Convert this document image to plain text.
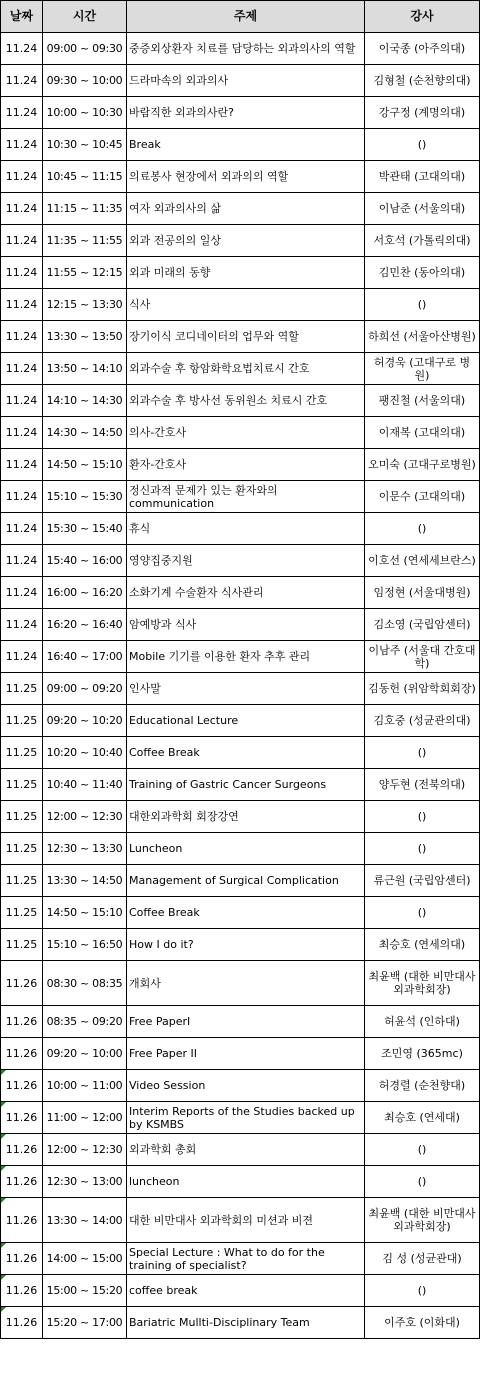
날짜	시간	주제	강사
11.24	09:00 ~ 09:30	중증외상환자 치료를 담당하는 외과의사의 역할	이국종 (아주의대)
11.24	09:30 ~ 10:00	드라마속의 외과의사	김형철 (순천향의대)
11.24	10:00 ~ 10:30	바람직한 외과의사란?	강구정 (계명의대)
11.24	10:30 ~ 10:45	Break	()
11.24	10:45 ~ 11:15	의료봉사 현장에서 외과의의 역할	박관태 (고대의대)
11.24	11:15 ~ 11:35	여자 외과의사의 삶	이남준 (서울의대)
11.24	11:35 ~ 11:55	외과 전공의의 일상	서호석 (가톨릭의대)
11.24	11:55 ~ 12:15	외과 미래의 동향	김민찬 (동아의대)
11.24	12:15 ~ 13:30	식사	()
11.24	13:30 ~ 13:50	장기이식 코디네이터의 업무와 역할	하희선 (서울아산병원)
11.24	13:50 ~ 14:10	외과수술 후 항암화학요법치료시 간호	허경욱 (고대구로 병원)
11.24	14:10 ~ 14:30	외과수술 후 방사선 동위원소 치료시 간호	팽진철 (서울의대)
11.24	14:30 ~ 14:50	의사-간호사	이재복 (고대의대)
11.24	14:50 ~ 15:10	환자-간호사	오미숙 (고대구로병원)
11.24	15:10 ~ 15:30	정신과적 문제가 있는 환자와의 communication	이문수 (고대의대)
11.24	15:30 ~ 15:40	휴식	()
11.24	15:40 ~ 16:00	영양집중지원	이호선 (연세세브란스)
11.24	16:00 ~ 16:20	소화기계 수술환자 식사관리	임정현 (서울대병원)
11.24	16:20 ~ 16:40	암예방과 식사	김소영 (국립암센터)
11.24	16:40 ~ 17:00	Mobile 기기를 이용한 환자 추후 관리	이남주 (서울대 간호대학)
11.25	09:00 ~ 09:20	인사말	김동헌 (위암학회회장)
11.25	09:20 ~ 10:20	Educational Lecture	김호중 (성균관의대)
11.25	10:20 ~ 10:40	Coffee Break	()
11.25	10:40 ~ 11:40	Training of Gastric Cancer Surgeons	양두현 (전북의대)
11.25	12:00 ~ 12:30	대한외과학회 회장강연	()
11.25	12:30 ~ 13:30	Luncheon	()
11.25	13:30 ~ 14:50	Management of Surgical Complication	류근원 (국립암센터)
11.25	14:50 ~ 15:10	Coffee Break	()
11.25	15:10 ~ 16:50	How I do it?	최승호 (연세의대)
11.26	08:30 ~ 08:35	개회사	최윤백 (대한 비만대사 외과학회장)
11.26	08:35 ~ 09:20	Free PaperI	허윤석 (인하대)
11.26	09:20 ~ 10:00	Free Paper II	조민영 (365mc)

11.26	10:00 ~ 11:00	Video Session	허경렬 (순천향대)

11.26	11:00 ~ 12:00	Interim Reports of the Studies backed up by KSMBS	최승호 (연세대)

11.26	12:00 ~ 12:30	외과학회 총회	()

11.26	12:30 ~ 13:00	luncheon	()

11.26	13:30 ~ 14:00	대한 비만대사 외과학회의 미션과 비젼	최윤백 (대한 비만대사 외과학회장)

11.26	14:00 ~ 15:00	Special Lecture : What to do for the training of specialist?	김 성 (성균관대)

11.26	15:00 ~ 15:20	coffee break	()

11.26	15:20 ~ 17:00	Bariatric Mullti-Disciplinary Team	이주호 (이화대)
